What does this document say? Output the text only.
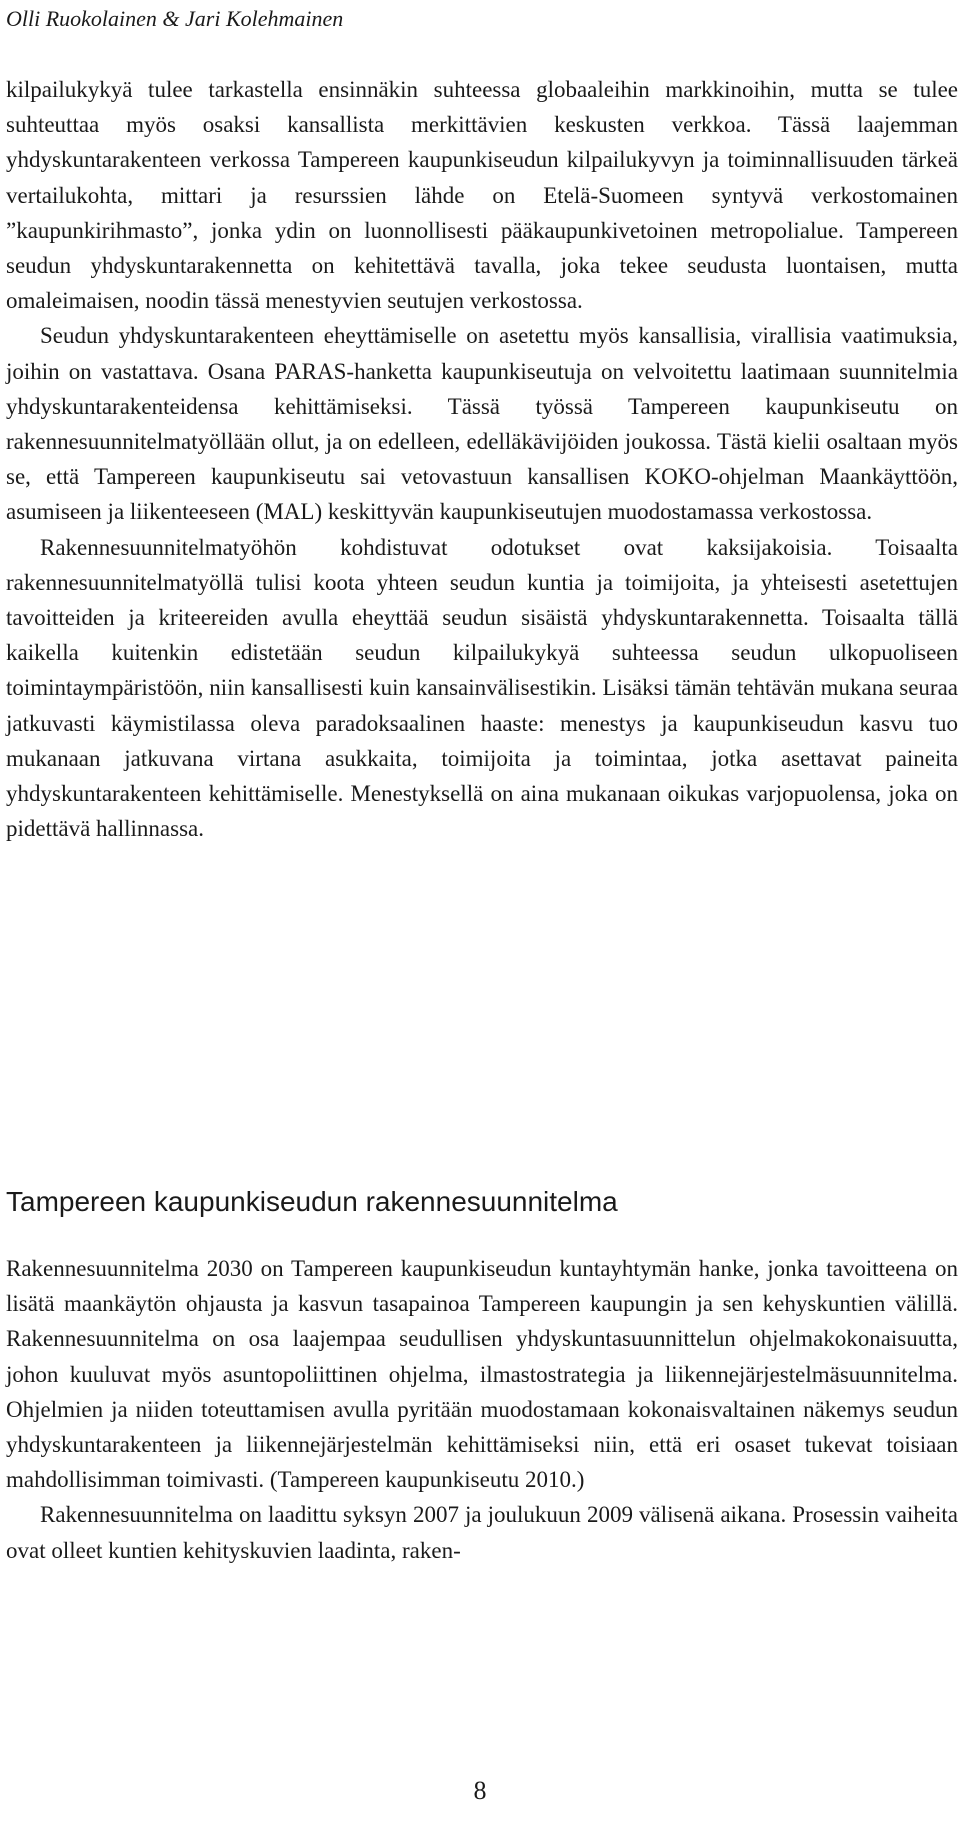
Olli Ruokolainen & Jari Kolehmainen

kilpailukykyä tulee tarkastella ensinnäkin suhteessa globaaleihin markkinoihin, mutta se tulee suhteuttaa myös osaksi kansallista merkittävien keskusten verkkoa. Tässä laajemman yhdyskuntarakenteen verkossa Tampereen kaupunkiseudun kilpailukyvyn ja toiminnallisuuden tärkeä vertailukohta, mittari ja resurssien lähde on Etelä-Suomeen syntyvä verkostomainen ”kaupunkirihmasto”, jonka ydin on luonnollisesti pääkaupunkivetoinen metropolialue. Tampereen seudun yhdyskuntarakennetta on kehitettävä tavalla, joka tekee seudusta luontaisen, mutta omaleimaisen, noodin tässä menestyvien seutujen verkostossa.

Seudun yhdyskuntarakenteen eheyttämiselle on asetettu myös kansallisia, virallisia vaatimuksia, joihin on vastattava. Osana PARAS-hanketta kaupunkiseutuja on velvoitettu laatimaan suunnitelmia yhdyskuntarakenteidensa kehittämiseksi. Tässä työssä Tampereen kaupunkiseutu on rakennesuunnitelmatyöllään ollut, ja on edelleen, edelläkävijöiden joukossa. Tästä kielii osaltaan myös se, että Tampereen kaupunkiseutu sai vetovastuun kansallisen KOKO-ohjelman Maankäyttöön, asumiseen ja liikenteeseen (MAL) keskittyvän kaupunkiseutujen muodostamassa verkostossa.

Rakennesuunnitelmatyöhön kohdistuvat odotukset ovat kaksijakoisia. Toisaalta rakennesuunnitelmatyöllä tulisi koota yhteen seudun kuntia ja toimijoita, ja yhteisesti asetettujen tavoitteiden ja kriteereiden avulla eheyttää seudun sisäistä yhdyskuntarakennetta. Toisaalta tällä kaikella kuitenkin edistetään seudun kilpailukykyä suhteessa seudun ulkopuoliseen toimintaympäristöön, niin kansallisesti kuin kansainvälisestikin. Lisäksi tämän tehtävän mukana seuraa jatkuvasti käymistilassa oleva paradoksaalinen haaste: menestys ja kaupunkiseudun kasvu tuo mukanaan jatkuvana virtana asukkaita, toimijoita ja toimintaa, jotka asettavat paineita yhdyskuntarakenteen kehittämiselle. Menestyksellä on aina mukanaan oikukas varjopuolensa, joka on pidettävä hallinnassa.

Tampereen kaupunkiseudun rakennesuunnitelma

Rakennesuunnitelma 2030 on Tampereen kaupunkiseudun kuntayhtymän hanke, jonka tavoitteena on lisätä maankäytön ohjausta ja kasvun tasapainoa Tampereen kaupungin ja sen kehyskuntien välillä. Rakennesuunnitelma on osa laajempaa seudullisen yhdyskuntasuunnittelun ohjelmakokonaisuutta, johon kuuluvat myös asuntopoliittinen ohjelma, ilmastostrategia ja liikennejärjestelmäsuunnitelma. Ohjelmien ja niiden toteuttamisen avulla pyritään muodostamaan kokonaisvaltainen näkemys seudun yhdyskuntarakenteen ja liikennejärjestelmän kehittämiseksi niin, että eri osaset tukevat toisiaan mahdollisimman toimivasti. (Tampereen kaupunkiseutu 2010.)

Rakennesuunnitelma on laadittu syksyn 2007 ja joulukuun 2009 välisenä aikana. Prosessin vaiheita ovat olleet kuntien kehityskuvien laadinta, raken-

8
